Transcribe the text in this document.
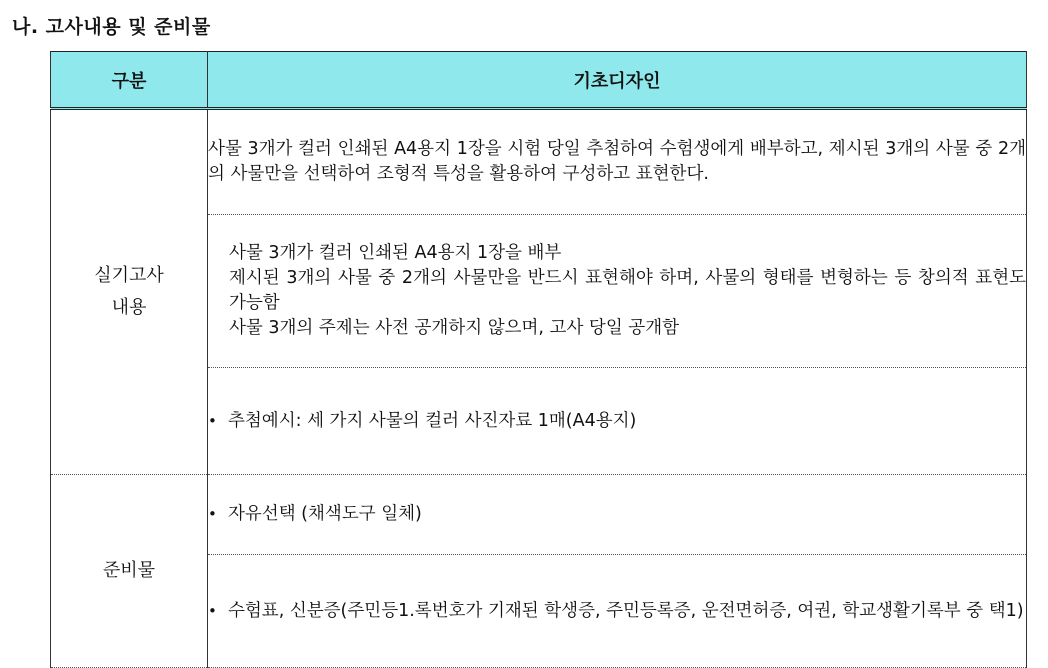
나. 고사내용 및 준비물
구분	기초디자인

실기고사
내용	사물 3개가 컬러 인쇄된 A4용지 1장을 시험 당일 추첨하여 수험생에게 배부하고, 제시된 3개의 사물 중 2개의 사물만을 선택하여 조형적 특성을 활용하여 구성하고 표현한다.

	사물 3개가 컬러 인쇄된 A4용지 1장을 배부
제시된 3개의 사물 중 2개의 사물만을 반드시 표현해야 하며, 사물의 형태를 변형하는 등 창의적 표현도 가능함
사물 3개의 주제는 사전 공개하지 않으며, 고사 당일 공개함

	• 추첨예시: 세 가지 사물의 컬러 사진자료 1매(A4용지)

준비물	• 자유선택 (채색도구 일체)

	• 수험표, 신분증(주민등1.록번호가 기재된 학생증, 주민등록증, 운전면허증, 여권, 학교생활기록부 중 택1)
